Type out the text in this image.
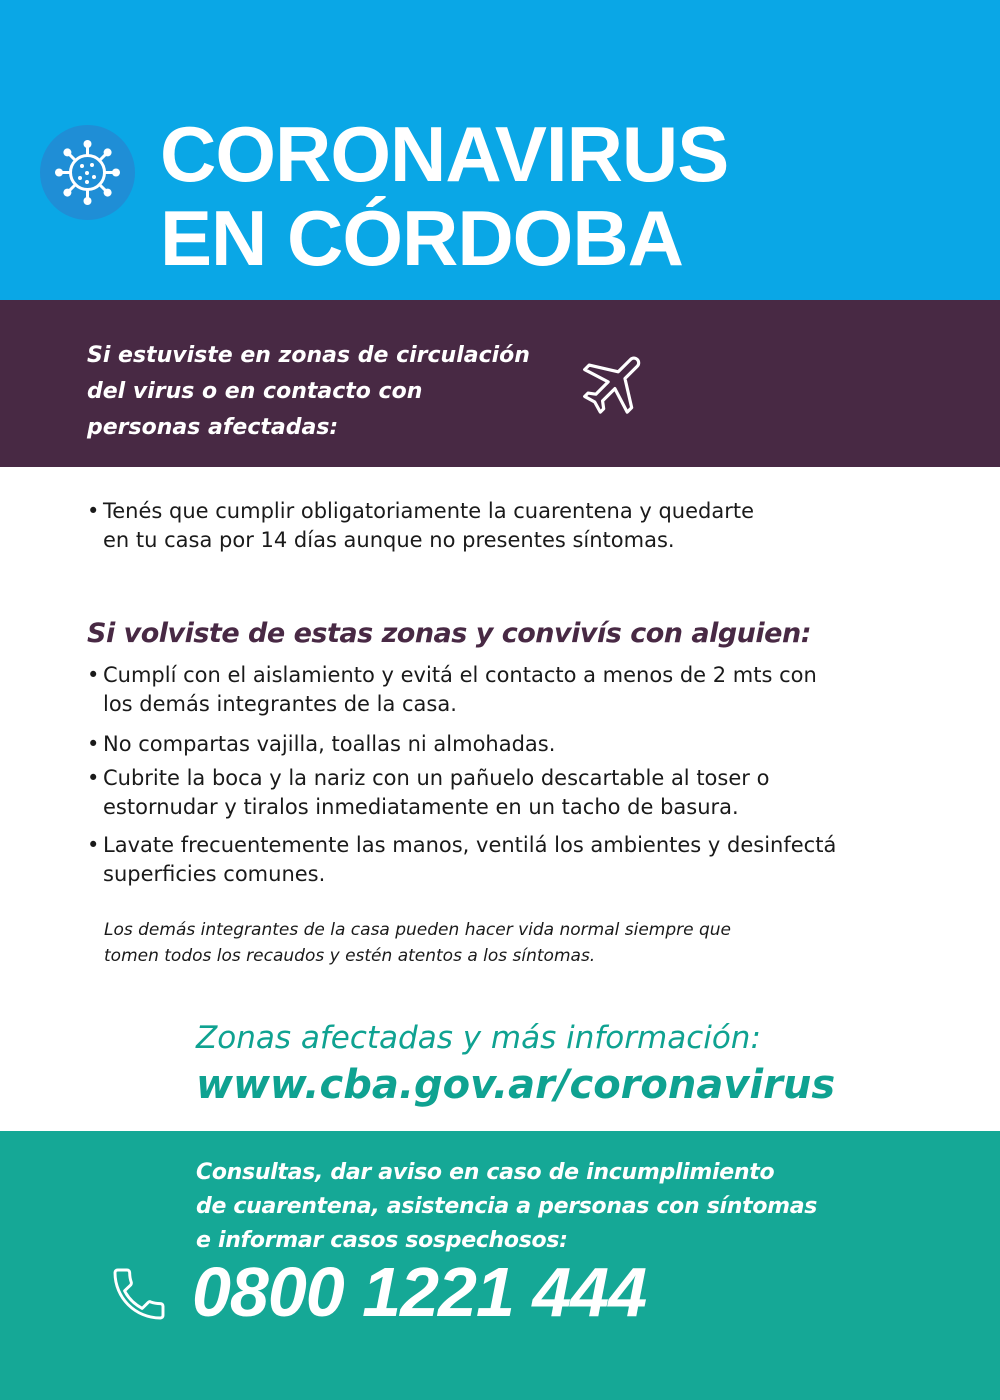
CORONAVIRUS
EN CÓRDOBA

Si estuviste en zonas de circulación
del virus o en contacto con
personas afectadas:

• Tenés que cumplir obligatoriamente la cuarentena y quedarte
en tu casa por 14 días aunque no presentes síntomas.
Si volviste de estas zonas y convivís con alguien:
• Cumplí con el aislamiento y evitá el contacto a menos de 2 mts con
los demás integrantes de la casa.
• No compartas vajilla, toallas ni almohadas.
• Cubrite la boca y la nariz con un pañuelo descartable al toser o
estornudar y tiralos inmediatamente en un tacho de basura.
• Lavate frecuentemente las manos, ventilá los ambientes y desinfectá
superficies comunes.

Los demás integrantes de la casa pueden hacer vida normal siempre que
tomen todos los recaudos y estén atentos a los síntomas.

Zonas afectadas y más información:

www.cba.gov.ar/coronavirus

Consultas, dar aviso en caso de incumplimiento
de cuarentena, asistencia a personas con síntomas
e informar casos sospechosos:

0800 1221 444
